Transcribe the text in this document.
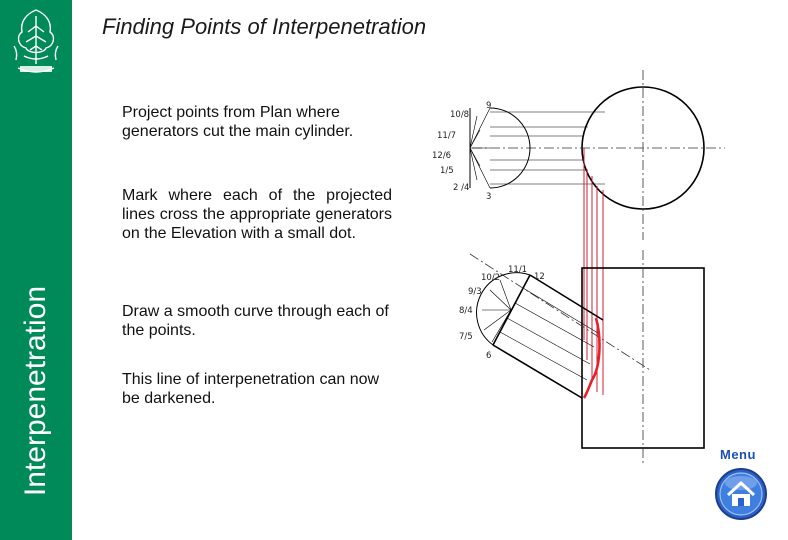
Interpenetration
Finding Points of Interpenetration
Project points from Plan where generators cut the main cylinder.
Mark where each of the projected lines cross the appropriate generators on the Elevation with a small dot.
Draw a smooth curve through each of the points.
This line of interpenetration can now be darkened.
10/8
9
11/7
12/6
1/5
2 /4
3
10/2
11/1
12
9/3
8/4
7/5
6
Menu
